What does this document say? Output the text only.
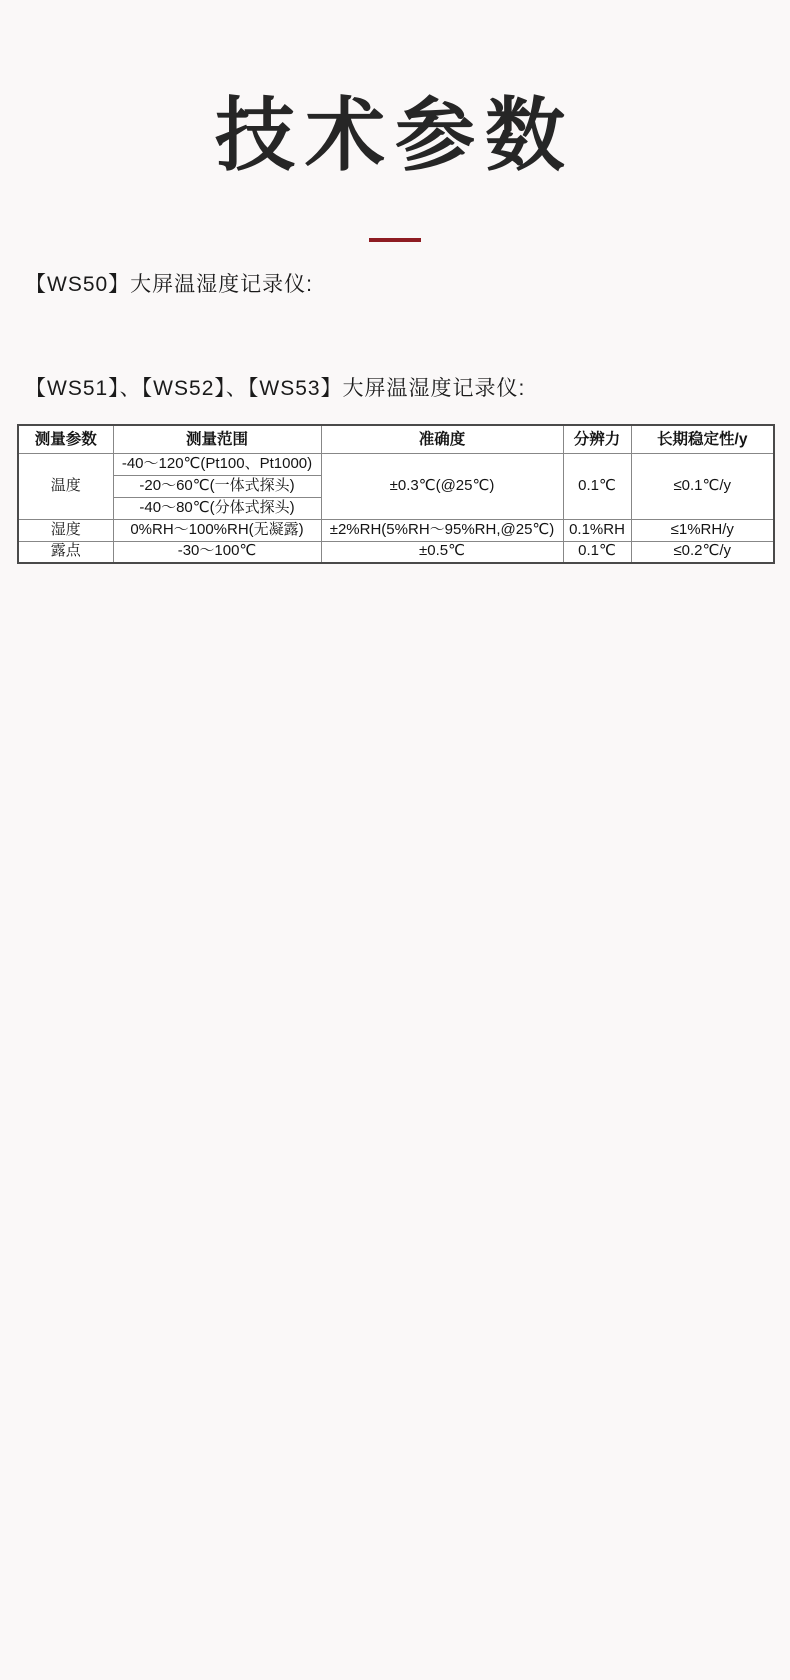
技术参数
【WS50】大屏温湿度记录仪:
【WS51】、【WS52】、【WS53】大屏温湿度记录仪:
测量参数	测量范围	准确度	分辨力	长期稳定性/y
温度	-40～120℃(Pt100、Pt1000)	±0.3℃(@25℃)	0.1℃	≤0.1℃/y
	-20～60℃(一体式探头)			
	-40～80℃(分体式探头)			
湿度	0%RH～100%RH(无凝露)	±2%RH(5%RH～95%RH,@25℃)	0.1%RH	≤1%RH/y
露点	-30～100℃	±0.5℃	0.1℃	≤0.2℃/y
